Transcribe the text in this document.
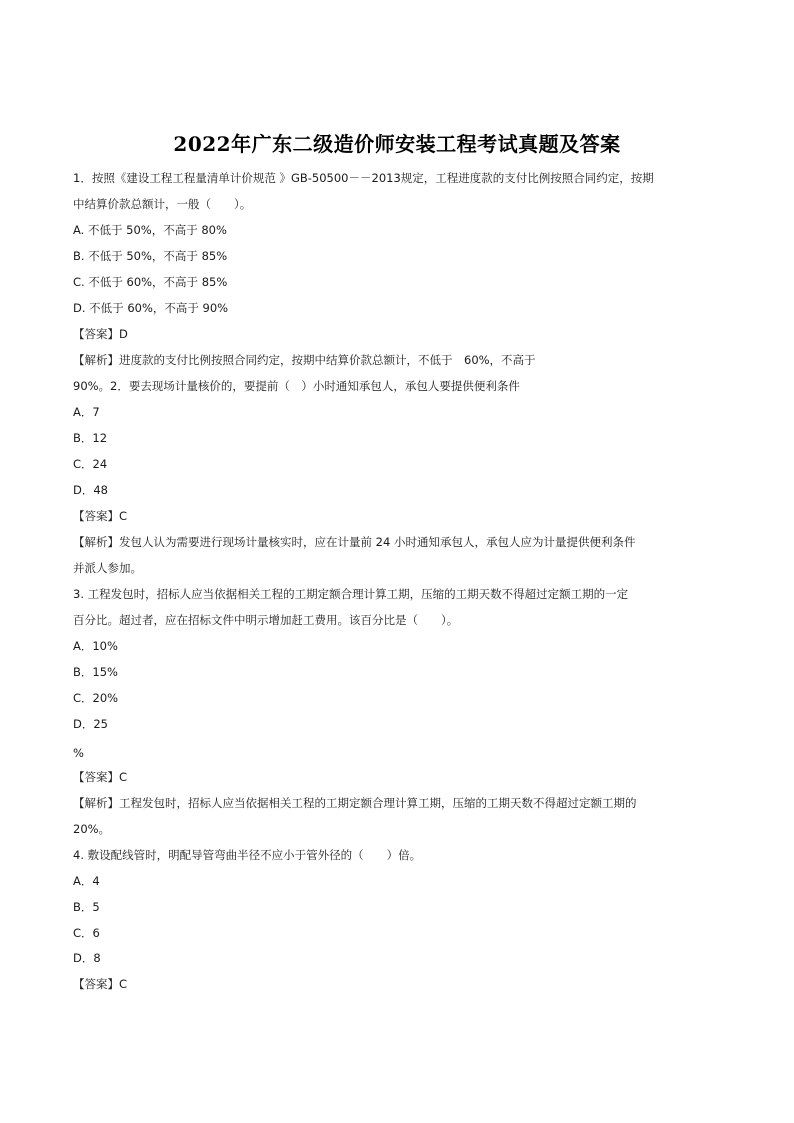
2022年广东二级造价师安装工程考试真题及答案
1．按照《建设工程工程量清单计价规范 》GB-50500－－2013规定，工程进度款的支付比例按照合同约定，按期
中结算价款总额计，一般（　　）。
A. 不低于 50%，不高于 80%
B. 不低于 50%，不高于 85%
C. 不低于 60%，不高于 85%
D. 不低于 60%，不高于 90%
【答案】D
【解析】进度款的支付比例按照合同约定，按期中结算价款总额计，不低于　60%，不高于
90%。2．要去现场计量核价的，要提前（　）小时通知承包人，承包人要提供便利条件
A．7
B．12
C．24
D．48
【答案】C
【解析】发包人认为需要进行现场计量核实时，应在计量前 24 小时通知承包人，承包人应为计量提供便利条件
并派人参加。
3. 工程发包时，招标人应当依据相关工程的工期定额合理计算工期，压缩的工期天数不得超过定额工期的一定
百分比。超过者，应在招标文件中明示增加赶工费用。该百分比是（　　）。
A．10%
B．15%
C．20%
D．25
%
【答案】C
【解析】工程发包时，招标人应当依据相关工程的工期定额合理计算工期，压缩的工期天数不得超过定额工期的
20%。
4. 敷设配线管时，明配导管弯曲半径不应小于管外径的（　　）倍。
A．4
B．5
C．6
D．8
【答案】C
